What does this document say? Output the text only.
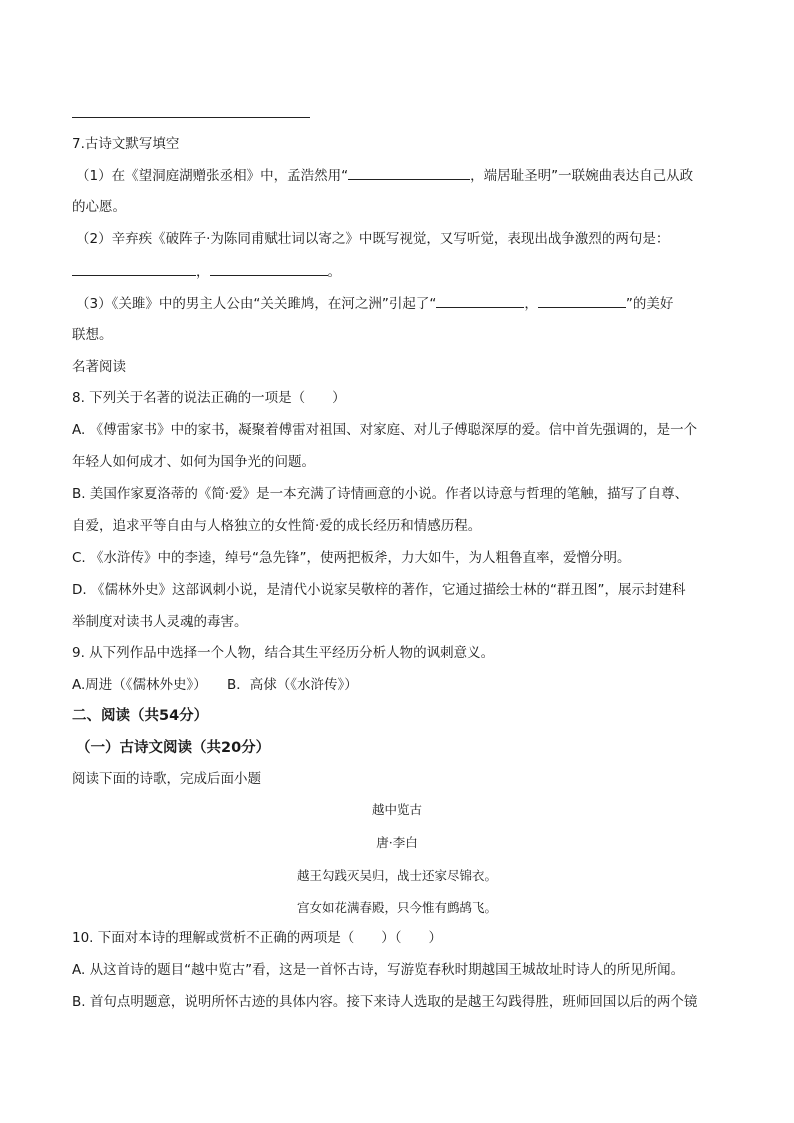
7.古诗文默写填空
（1）在《望洞庭湖赠张丞相》中，孟浩然用“	，端居耻圣明”一联婉曲表达自己从政
的心愿。
（2）辛弃疾《破阵子·为陈同甫赋壮词以寄之》中既写视觉，又写听觉，表现出战争激烈的两句是：
，	。
（3）《关雎》中的男主人公由“关关雎鸠，在河之洲”引起了“	，	”的美好
联想。
名著阅读
8. 下列关于名著的说法正确的一项是（　　）
A. 《傅雷家书》中的家书，凝聚着傅雷对祖国、对家庭、对儿子傅聪深厚的爱。信中首先强调的，是一个
年轻人如何成才、如何为国争光的问题。
B. 美国作家夏洛蒂的《简·爱》是一本充满了诗情画意的小说。作者以诗意与哲理的笔触，描写了自尊、
自爱，追求平等自由与人格独立的女性简·爱的成长经历和情感历程。
C. 《水浒传》中的李逵，绰号“急先锋”，使两把板斧，力大如牛，为人粗鲁直率，爱憎分明。
D. 《儒林外史》这部讽刺小说，是清代小说家吴敬梓的著作，它通过描绘士林的“群丑图”，展示封建科
举制度对读书人灵魂的毒害。
9. 从下列作品中选择一个人物，结合其生平经历分析人物的讽刺意义。
A.周进（《儒林外史》）　　B．高俅（《水浒传》）
二、阅读（共54分）
（一）古诗文阅读（共20分）
阅读下面的诗歌，完成后面小题
越中览古
唐·李白
越王勾践灭吴归，战士还家尽锦衣。
宫女如花满春殿，只今惟有鹧鸪飞。
10. 下面对本诗的理解或赏析不正确的两项是（　　）（　　）
A. 从这首诗的题目“越中览古”看，这是一首怀古诗，写游览春秋时期越国王城故址时诗人的所见所闻。
B. 首句点明题意，说明所怀古迹的具体内容。接下来诗人选取的是越王勾践得胜，班师回国以后的两个镜
